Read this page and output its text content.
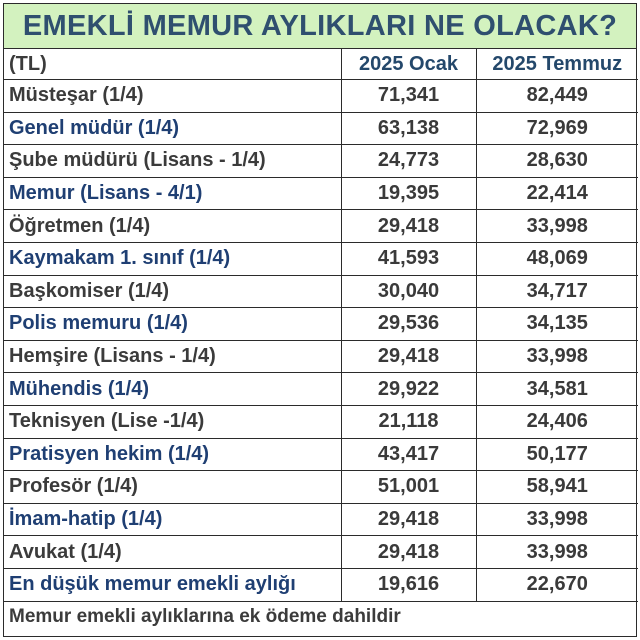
EMEKLİ MEMUR AYLIKLARI NE OLACAK?
(TL)	2025 Ocak	2025 Temmuz
Müsteşar (1/4)	71,341	82,449
Genel müdür (1/4)	63,138	72,969
Şube müdürü (Lisans - 1/4)	24,773	28,630
Memur (Lisans - 4/1)	19,395	22,414
Öğretmen (1/4)	29,418	33,998
Kaymakam 1. sınıf (1/4)	41,593	48,069
Başkomiser (1/4)	30,040	34,717
Polis memuru (1/4)	29,536	34,135
Hemşire (Lisans - 1/4)	29,418	33,998
Mühendis (1/4)	29,922	34,581
Teknisyen (Lise -1/4)	21,118	24,406
Pratisyen hekim (1/4)	43,417	50,177
Profesör (1/4)	51,001	58,941
İmam-hatip (1/4)	29,418	33,998
Avukat (1/4)	29,418	33,998
En düşük memur emekli aylığı	19,616	22,670
Memur emekli aylıklarına ek ödeme dahildir
